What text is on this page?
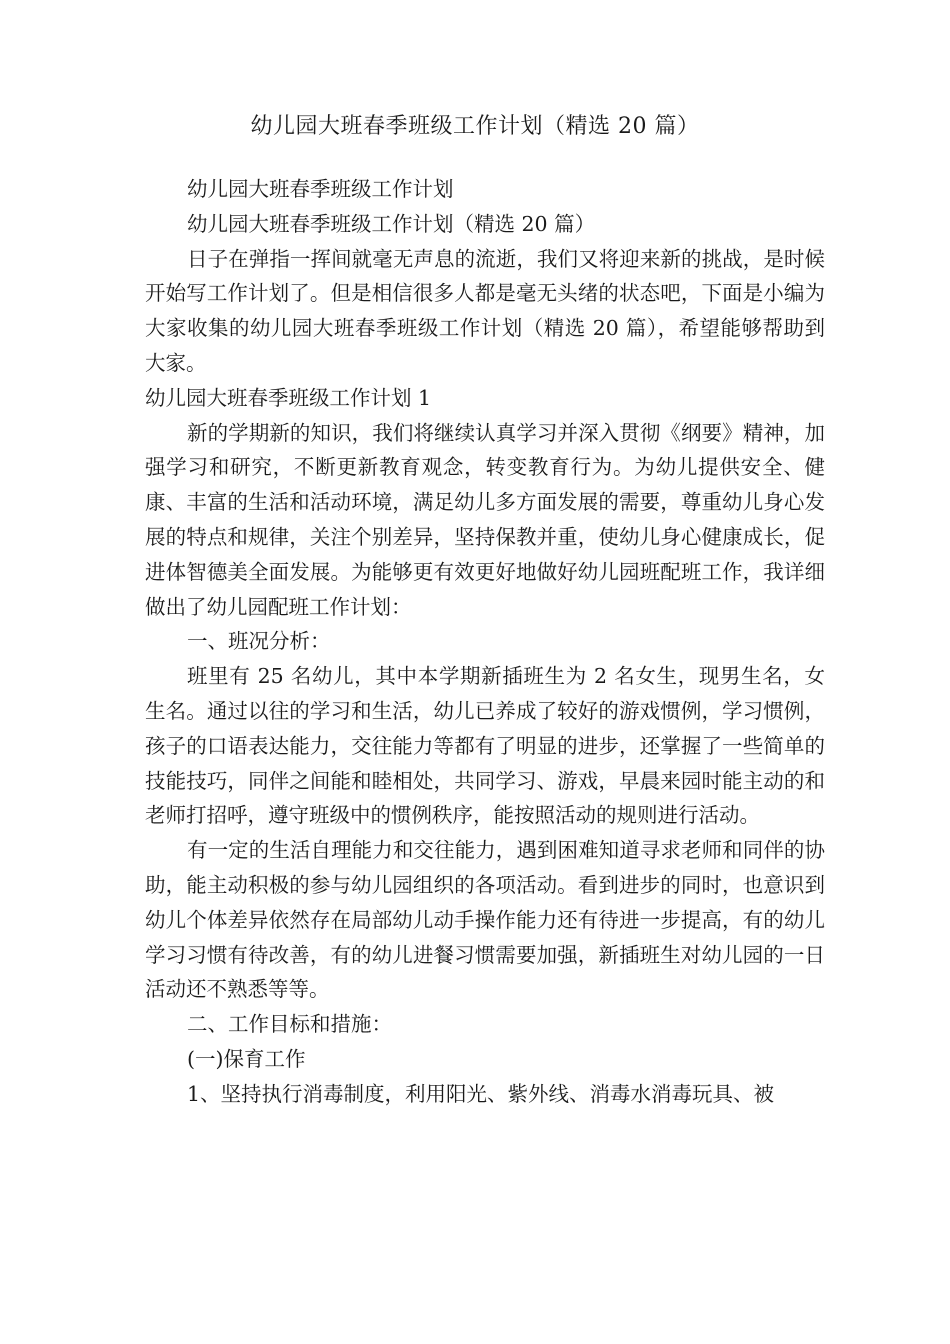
幼儿园大班春季班级工作计划（精选 20 篇）

幼儿园大班春季班级工作计划

幼儿园大班春季班级工作计划（精选 20 篇）

日子在弹指一挥间就毫无声息的流逝，我们又将迎来新的挑战，是时候开始写工作计划了。但是相信很多人都是毫无头绪的状态吧，下面是小编为大家收集的幼儿园大班春季班级工作计划（精选 20 篇），希望能够帮助到大家。

幼儿园大班春季班级工作计划 1

新的学期新的知识，我们将继续认真学习并深入贯彻《纲要》精神，加强学习和研究，不断更新教育观念，转变教育行为。为幼儿提供安全、健康、丰富的生活和活动环境，满足幼儿多方面发展的需要，尊重幼儿身心发展的特点和规律，关注个别差异，坚持保教并重，使幼儿身心健康成长，促进体智德美全面发展。为能够更有效更好地做好幼儿园班配班工作，我详细做出了幼儿园配班工作计划：

一、班况分析：

班里有 25 名幼儿，其中本学期新插班生为 2 名女生，现男生名，女生名。通过以往的学习和生活，幼儿已养成了较好的游戏惯例，学习惯例，孩子的口语表达能力，交往能力等都有了明显的进步，还掌握了一些简单的技能技巧，同伴之间能和睦相处，共同学习、游戏，早晨来园时能主动的和老师打招呼，遵守班级中的惯例秩序，能按照活动的规则进行活动。

有一定的生活自理能力和交往能力，遇到困难知道寻求老师和同伴的协助，能主动积极的参与幼儿园组织的各项活动。看到进步的同时，也意识到幼儿个体差异依然存在局部幼儿动手操作能力还有待进一步提高，有的幼儿学习习惯有待改善，有的幼儿进餐习惯需要加强，新插班生对幼儿园的一日活动还不熟悉等等。

二、工作目标和措施：

(一)保育工作

1、坚持执行消毒制度，利用阳光、紫外线、消毒水消毒玩具、被
